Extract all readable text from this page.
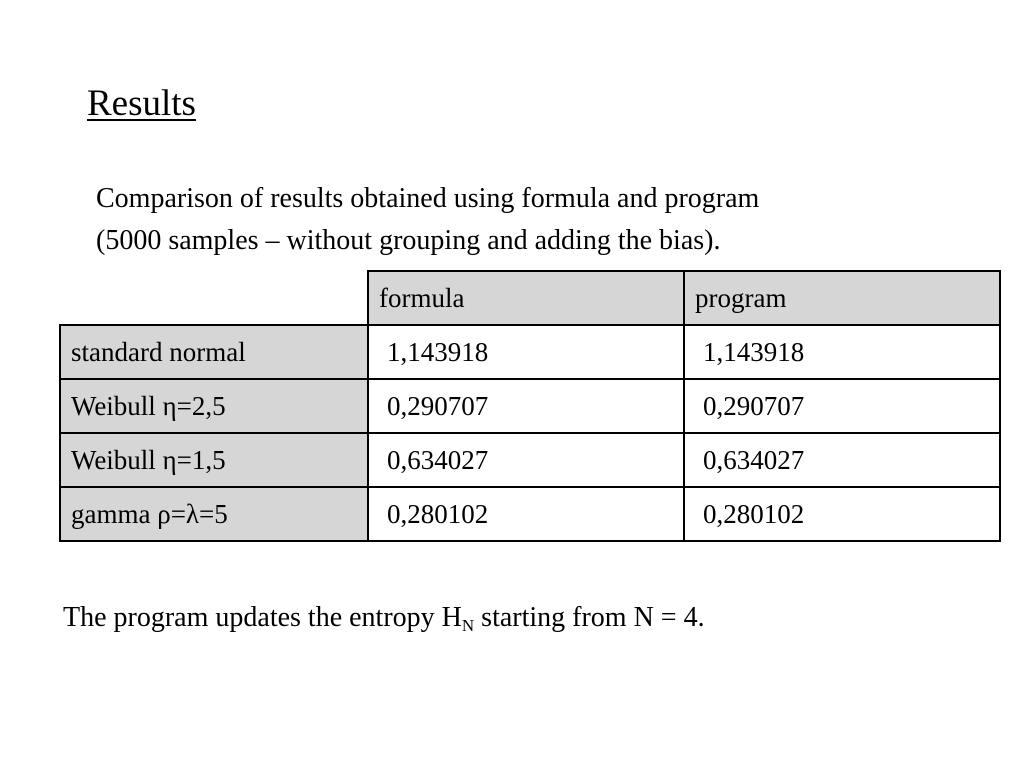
Results
Comparison of results obtained using formula and program
(5000 samples – without grouping and adding the bias).
	formula	program
standard normal	1,143918	1,143918
Weibull η=2,5	0,290707	0,290707
Weibull η=1,5	0,634027	0,634027
gamma ρ=λ=5	0,280102	0,280102
The program updates the entropy $H_N$ starting from N = 4.
